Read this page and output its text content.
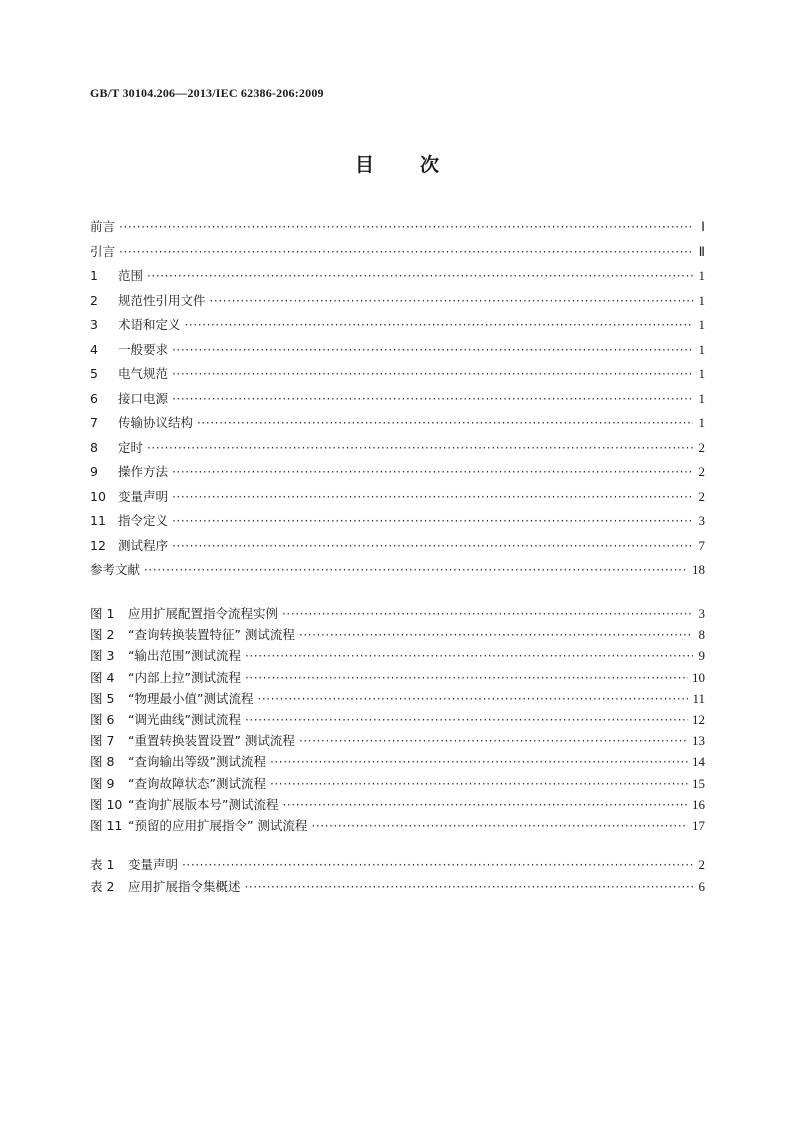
GB/T 30104.206—2013/IEC 62386-206:2009
目 次
前言 ·····	Ⅰ
引言 ·····	Ⅱ
1	范围 ·····	1
2	规范性引用文件 ·····	1
3	术语和定义 ·····	1
4	一般要求 ·····	1
5	电气规范 ·····	1
6	接口电源 ·····	1
7	传输协议结构 ·····	1
8	定时 ·····	2
9	操作方法 ·····	2
10 变量声明 ·····	2
11 指令定义 ·····	3
12 测试程序 ·····	7
参考文献 ·····	18
图 1	应用扩展配置指令流程实例 ·····	3
图 2	“查询转换装置特征” 测试流程 ·····	8
图 3	“输出范围”测试流程 ·····	9
图 4	“内部上拉”测试流程 ·····	10
图 5	“物理最小值”测试流程 ·····	11
图 6	“调光曲线”测试流程 ·····	12
图 7	“重置转换装置设置” 测试流程 ·····	13
图 8	“查询输出等级”测试流程 ·····	14
图 9	“查询故障状态”测试流程 ·····	15
图 10 “查询扩展版本号”测试流程 ·····	16
图 11 “预留的应用扩展指令” 测试流程 ·····	17
表 1	变量声明 ·····	2
表 2	应用扩展指令集概述 ·····	6
